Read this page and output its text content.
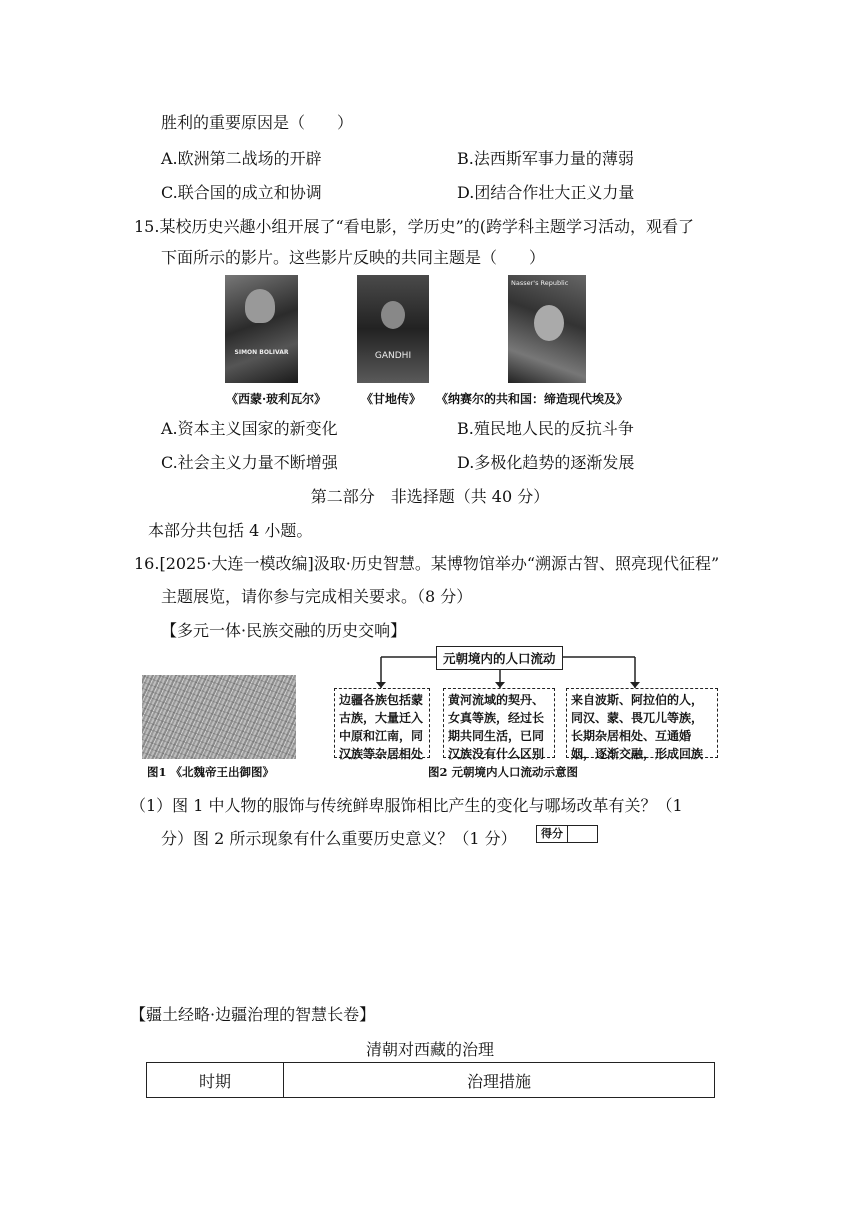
胜利的重要原因是（　　）
A.欧洲第二战场的开辟	B.法西斯军事力量的薄弱
C.联合国的成立和协调	D.团结合作壮大正义力量
15.某校历史兴趣小组开展了“看电影，学历史”的(跨学科主题学习活动，观看了
下面所示的影片。这些影片反映的共同主题是（　　）
SIMON BOLIVAR	GANDHI
Nasser's Republic
《西蒙·玻利瓦尔》	《甘地传》 《纳赛尔的共和国：缔造现代埃及》
A.资本主义国家的新变化	B.殖民地人民的反抗斗争
C.社会主义力量不断增强	D.多极化趋势的逐渐发展
第二部分　非选择题（共 40 分）
本部分共包括 4 小题。
16.[2025·大连一模改编]汲取·历史智慧。某博物馆举办“溯源古智、照亮现代征程”
主题展览，请你参与完成相关要求。（8 分）
【多元一体·民族交融的历史交响】
图1 《北魏帝王出御图》
元朝境内的人口流动
边疆各族包括蒙古族，大量迁入中原和江南，同汉族等杂居相处
黄河流域的契丹、女真等族，经过长期共同生活，已同汉族没有什么区别
来自波斯、阿拉伯的人，同汉、蒙、畏兀儿等族，长期杂居相处、互通婚姻，逐渐交融，形成回族
图2 元朝境内人口流动示意图
（1）图 1 中人物的服饰与传统鲜卑服饰相比产生的变化与哪场改革有关？（1
分）图 2 所示现象有什么重要历史意义？（1 分）	得分
【疆土经略·边疆治理的智慧长卷】
清朝对西藏的治理
时期	治理措施
